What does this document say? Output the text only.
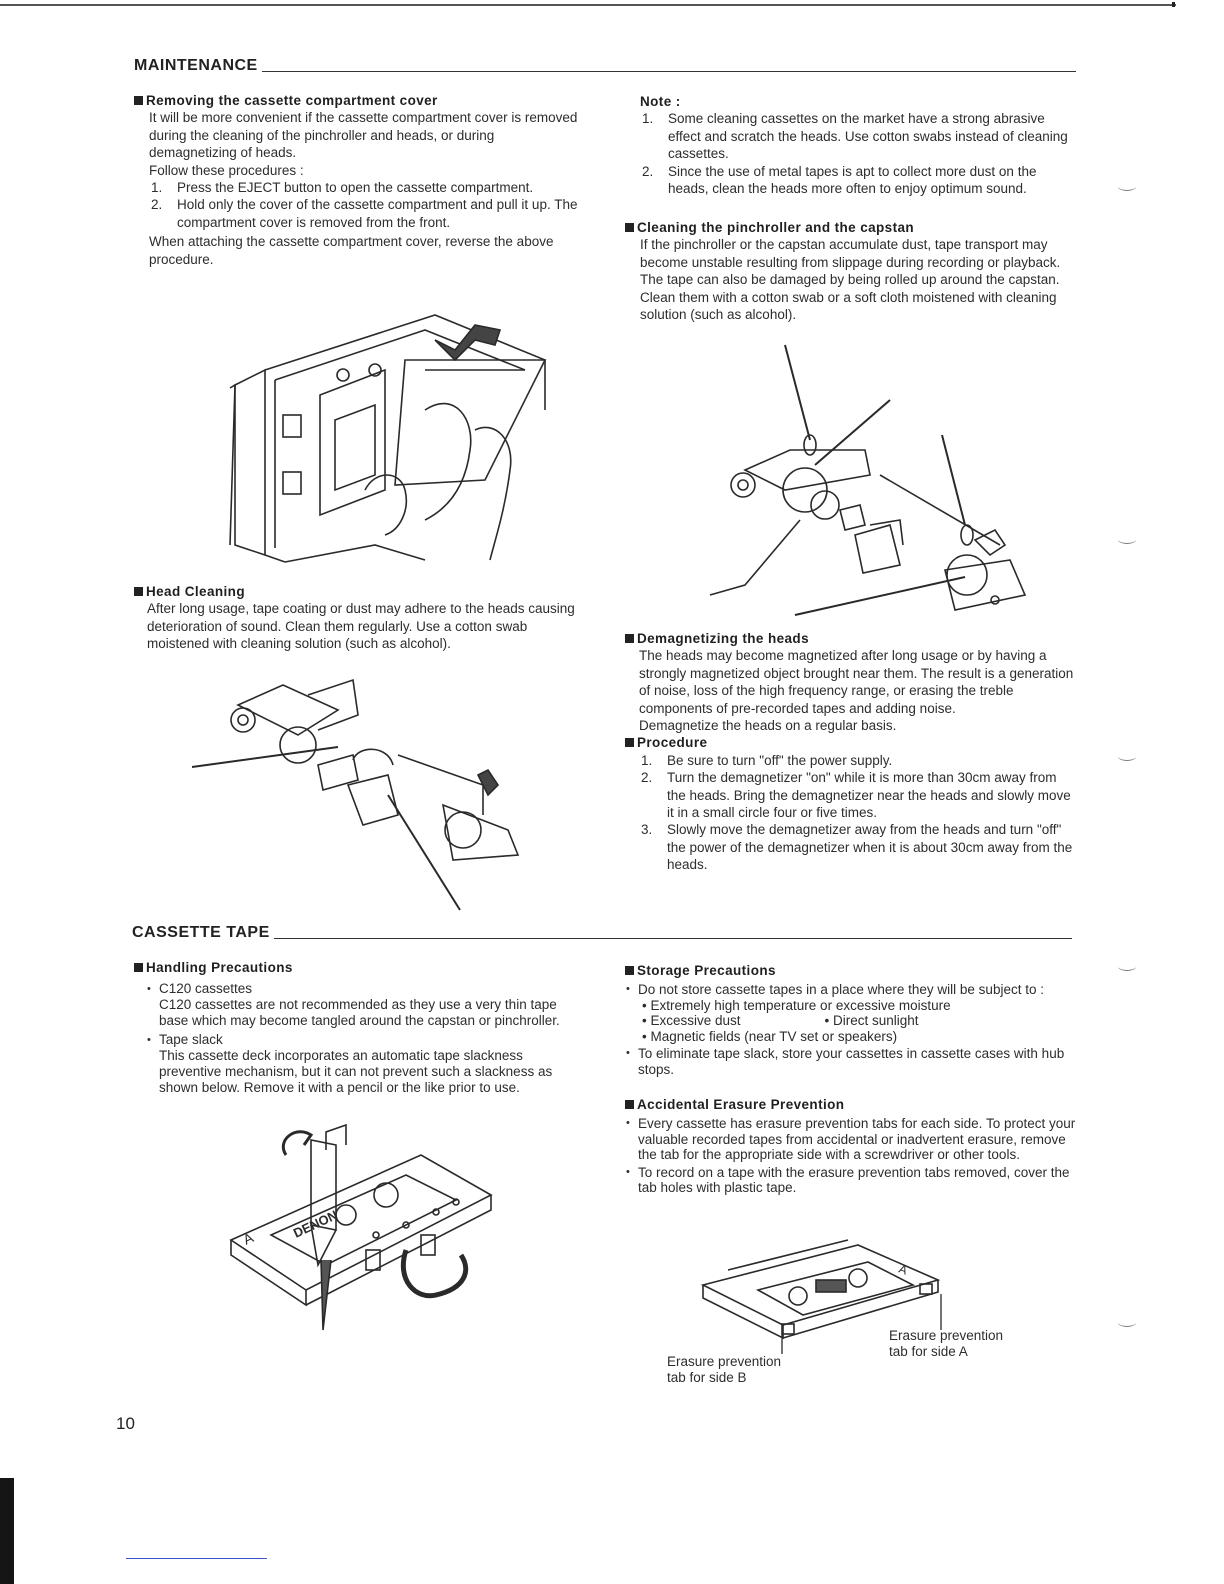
MAINTENANCE

Removing the cassette compartment cover

It will be more convenient if the cassette compartment cover is removed during the cleaning of the pinchroller and heads, or during demagnetizing of heads.

Follow these procedures :

1. Press the EJECT button to open the cassette compartment.
2. Hold only the cover of the cassette compartment and pull it up. The compartment cover is removed from the front.

When attaching the cassette compartment cover, reverse the above procedure.

Head Cleaning

After long usage, tape coating or dust may adhere to the heads causing deterioration of sound. Clean them regularly. Use a cotton swab moistened with cleaning solution (such as alcohol).

Note :

1. Some cleaning cassettes on the market have a strong abrasive effect and scratch the heads. Use cotton swabs instead of cleaning cassettes.
2. Since the use of metal tapes is apt to collect more dust on the heads, clean the heads more often to enjoy optimum sound.

Cleaning the pinchroller and the capstan

If the pinchroller or the capstan accumulate dust, tape transport may become unstable resulting from slippage during recording or playback. The tape can also be damaged by being rolled up around the capstan.

Clean them with a cotton swab or a soft cloth moistened with cleaning solution (such as alcohol).

Demagnetizing the heads

The heads may become magnetized after long usage or by having a strongly magnetized object brought near them. The result is a generation of noise, loss of the high frequency range, or erasing the treble components of pre-recorded tapes and adding noise.

Demagnetize the heads on a regular basis.

Procedure

1. Be sure to turn "off" the power supply.
2. Turn the demagnetizer "on" while it is more than 30cm away from the heads. Bring the demagnetizer near the heads and slowly move it in a small circle four or five times.
3. Slowly move the demagnetizer away from the heads and turn "off" the power of the demagnetizer when it is about 30cm away from the heads.
CASSETTE TAPE

Handling Precautions

• C120 cassettes

C120 cassettes are not recommended as they use a very thin tape base which may become tangled around the capstan or pinchroller.

• Tape slack

This cassette deck incorporates an automatic tape slackness preventive mechanism, but it can not prevent such a slackness as shown below. Remove it with a pencil or the like prior to use.

DENON
A

Storage Precautions

• Do not store cassette tapes in a place where they will be subject to :

• Extremely high temperature or excessive moisture

• Excessive dust	• Direct sunlight

• Magnetic fields (near TV set or speakers)

• To eliminate tape slack, store your cassettes in cassette cases with hub stops.

Accidental Erasure Prevention

• Every cassette has erasure prevention tabs for each side. To protect your valuable recorded tapes from accidental or inadvertent erasure, remove the tab for the appropriate side with a screwdriver or other tools.

• To record on a tape with the erasure prevention tabs removed, cover the tab holes with plastic tape.

A
Erasure prevention
tab for side A
Erasure prevention
tab for side B
10
